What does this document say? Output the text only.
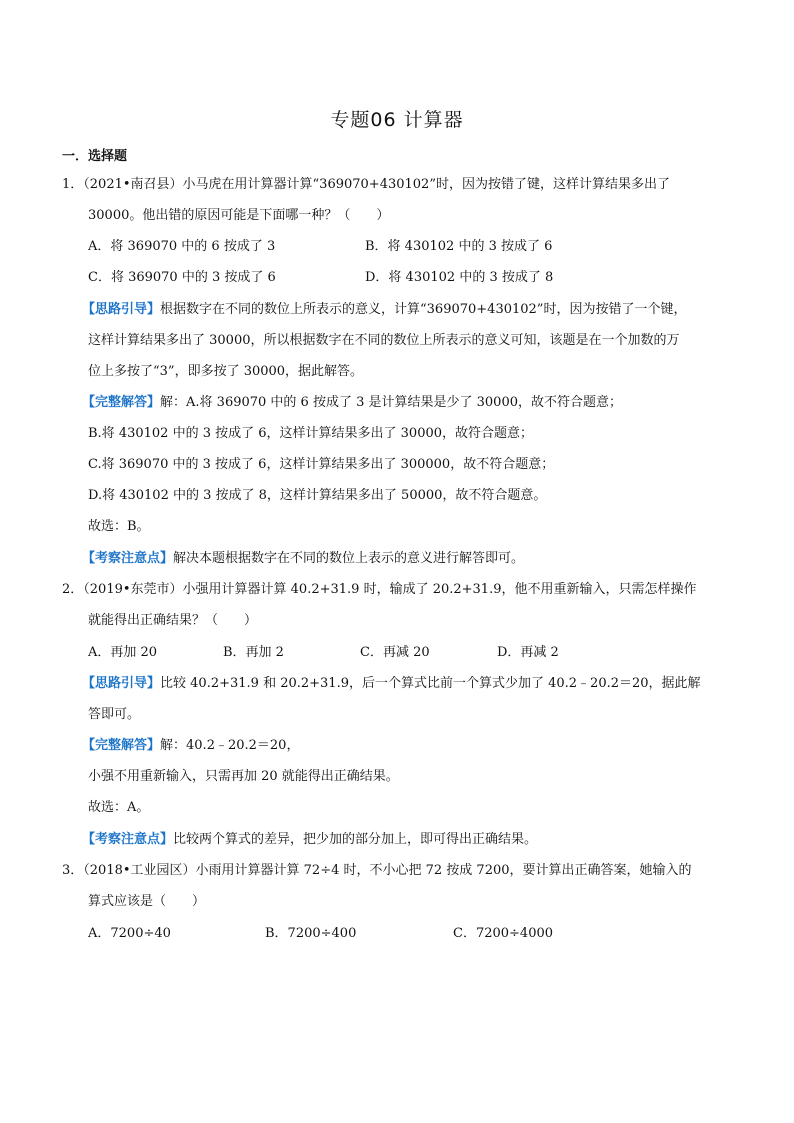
专题06 计算器
一．选择题
1．（2021•南召县）小马虎在用计算器计算“369070+430102”时，因为按错了键，这样计算结果多出了
30000。他出错的原因可能是下面哪一种？（　　）
A．将 369070 中的 6 按成了 3	B．将 430102 中的 3 按成了 6
C．将 369070 中的 3 按成了 6	D．将 430102 中的 3 按成了 8
【思路引导】根据数字在不同的数位上所表示的意义，计算“369070+430102”时，因为按错了一个键，
这样计算结果多出了 30000，所以根据数字在不同的数位上所表示的意义可知，该题是在一个加数的万
位上多按了“3”，即多按了 30000，据此解答。
【完整解答】解：A.将 369070 中的 6 按成了 3 是计算结果是少了 30000，故不符合题意；
B.将 430102 中的 3 按成了 6，这样计算结果多出了 30000，故符合题意；
C.将 369070 中的 3 按成了 6，这样计算结果多出了 300000，故不符合题意；
D.将 430102 中的 3 按成了 8，这样计算结果多出了 50000，故不符合题意。
故选：B。
【考察注意点】解决本题根据数字在不同的数位上表示的意义进行解答即可。
2．（2019•东莞市）小强用计算器计算 40.2+31.9 时，输成了 20.2+31.9，他不用重新输入，只需怎样操作
就能得出正确结果？（　　）
A．再加 20	B．再加 2	C．再减 20	D．再减 2
【思路引导】比较 40.2+31.9 和 20.2+31.9，后一个算式比前一个算式少加了 40.2﹣20.2＝20，据此解
答即可。
【完整解答】解：40.2﹣20.2＝20，
小强不用重新输入，只需再加 20 就能得出正确结果。
故选：A。
【考察注意点】比较两个算式的差异，把少加的部分加上，即可得出正确结果。
3．（2018•工业园区）小雨用计算器计算 72÷4 时，不小心把 72 按成 7200，要计算出正确答案，她输入的
算式应该是（　　）
A．7200÷40	B．7200÷400	C．7200÷4000
